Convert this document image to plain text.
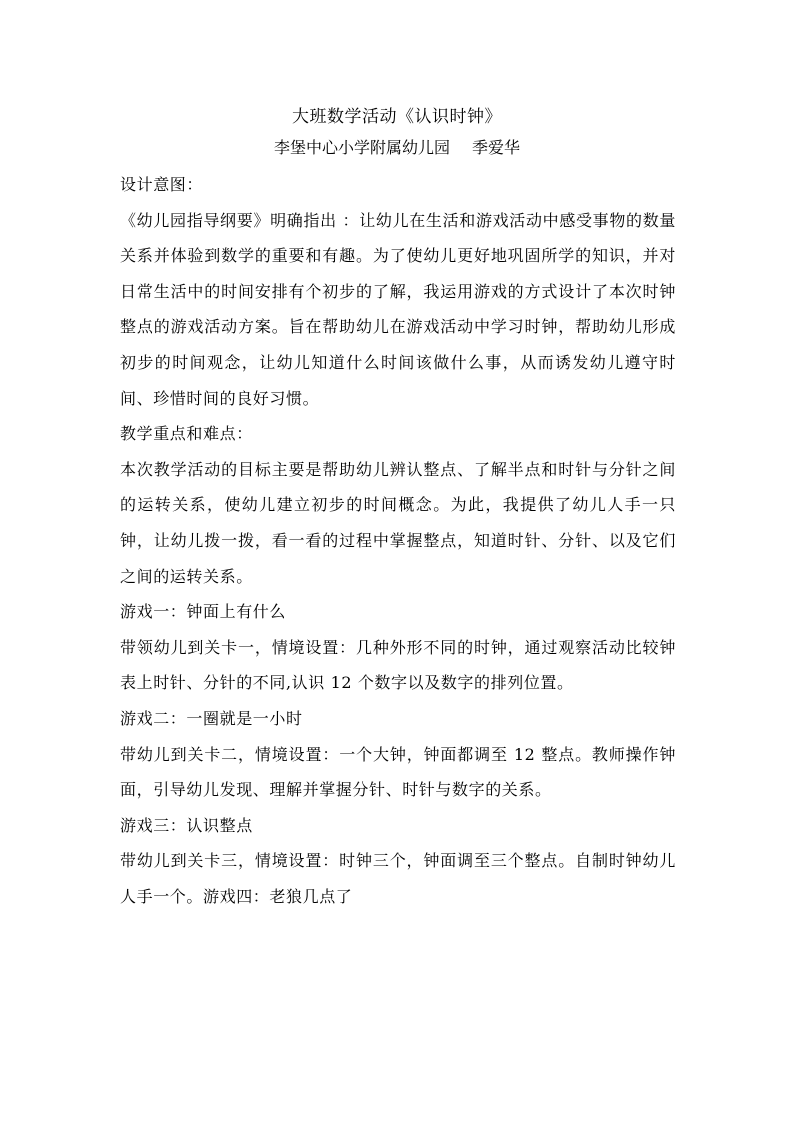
大班数学活动《认识时钟》
李堡中心小学附属幼儿园 季爱华

设计意图：

《幼儿园指导纲要》明确指出 ：让幼儿在生活和游戏活动中感受事物的数量关系并体验到数学的重要和有趣。为了使幼儿更好地巩固所学的知识，并对日常生活中的时间安排有个初步的了解，我运用游戏的方式设计了本次时钟整点的游戏活动方案。旨在帮助幼儿在游戏活动中学习时钟，帮助幼儿形成初步的时间观念，让幼儿知道什么时间该做什么事，从而诱发幼儿遵守时间、珍惜时间的良好习惯。

教学重点和难点：

本次教学活动的目标主要是帮助幼儿辨认整点、了解半点和时针与分针之间的运转关系，使幼儿建立初步的时间概念。为此，我提供了幼儿人手一只钟，让幼儿拨一拨，看一看的过程中掌握整点，知道时针、分针、以及它们之间的运转关系。

游戏一：钟面上有什么

带领幼儿到关卡一，情境设置：几种外形不同的时钟，通过观察活动比较钟表上时针、分针的不同,认识 12 个数字以及数字的排列位置。

游戏二：一圈就是一小时

带幼儿到关卡二，情境设置：一个大钟，钟面都调至 12 整点。教师操作钟面，引导幼儿发现、理解并掌握分针、时针与数字的关系。

游戏三：认识整点

带幼儿到关卡三，情境设置：时钟三个，钟面调至三个整点。自制时钟幼儿人手一个。游戏四：老狼几点了
